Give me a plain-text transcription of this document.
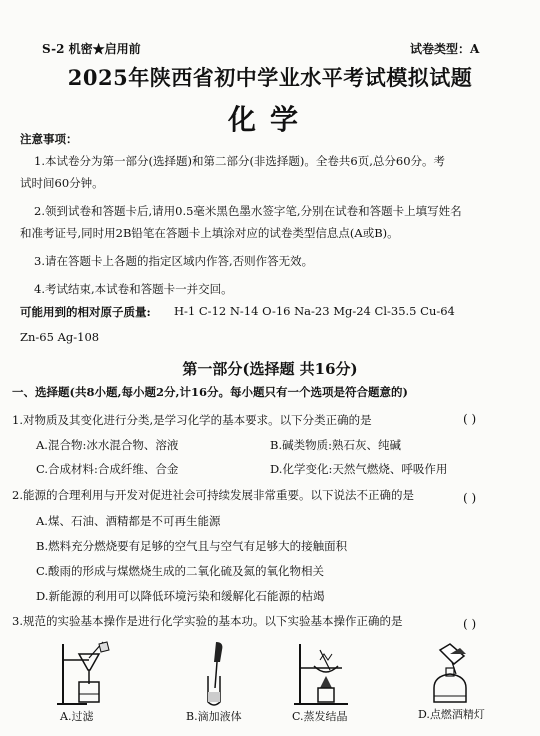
S-2 机密★启用前	试卷类型：A
2025年陕西省初中学业水平考试模拟试题
化学
注意事项：
1.本试卷分为第一部分(选择题)和第二部分(非选择题)。全卷共6页,总分60分。考
试时间60分钟。
2.领到试卷和答题卡后,请用0.5毫米黑色墨水签字笔,分别在试卷和答题卡上填写姓名
和准考证号,同时用2B铅笔在答题卡上填涂对应的试卷类型信息点(A或B)。
3.请在答题卡上各题的指定区域内作答,否则作答无效。
4.考试结束,本试卷和答题卡一并交回。
可能用到的相对原子质量: H-1 C-12 N-14 O-16 Na-23 Mg-24 Cl-35.5 Cu-64
Zn-65 Ag-108
第一部分(选择题 共16分)
一、选择题(共8小题,每小题2分,计16分。每小题只有一个选项是符合题意的)
1.对物质及其变化进行分类,是学习化学的基本要求。以下分类正确的是	( )
A.混合物:冰水混合物、溶液	B.碱类物质:熟石灰、纯碱
C.合成材料:合成纤维、合金	D.化学变化:天然气燃烧、呼吸作用
2.能源的合理利用与开发对促进社会可持续发展非常重要。以下说法不正确的是	( )
A.煤、石油、酒精都是不可再生能源
B.燃料充分燃烧要有足够的空气且与空气有足够大的接触面积
C.酸雨的形成与煤燃烧生成的二氧化硫及氮的氧化物相关
D.新能源的利用可以降低环境污染和缓解化石能源的枯竭
3.规范的实验基本操作是进行化学实验的基本功。以下实验基本操作正确的是	( )
A.过滤	B.滴加液体	C.蒸发结晶	D.点燃酒精灯
